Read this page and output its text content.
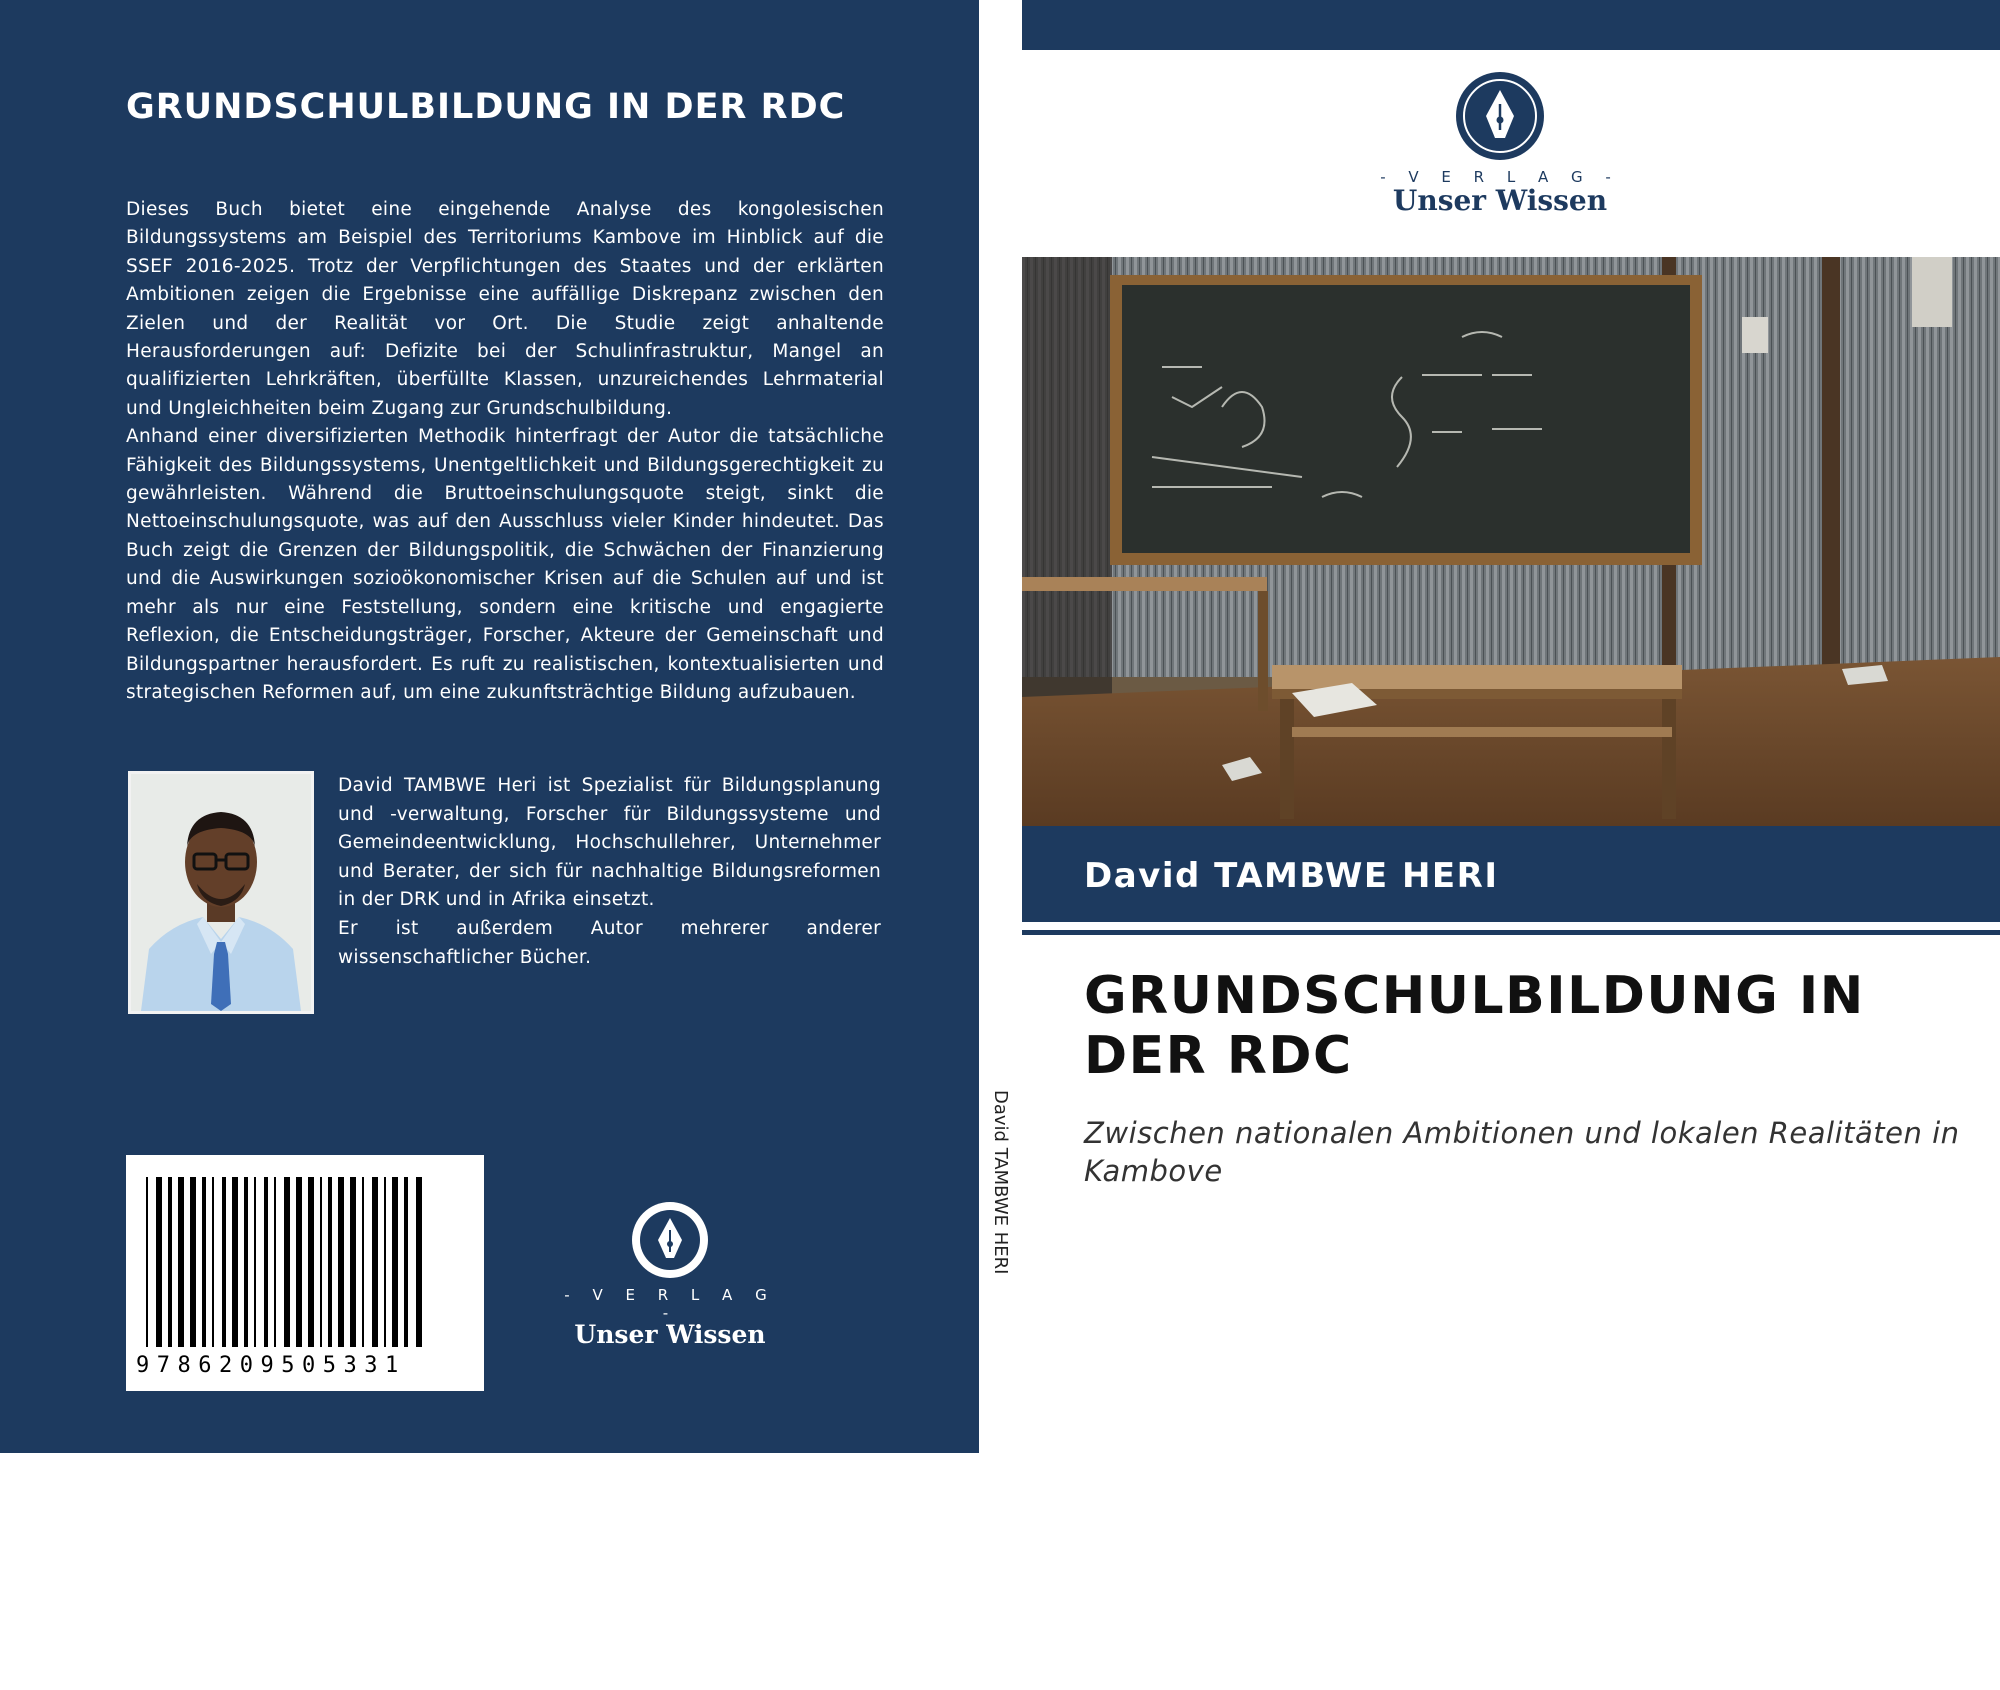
GRUNDSCHULBILDUNG IN DER RDC

Dieses Buch bietet eine eingehende Analyse des kongolesischen Bildungssystems am Beispiel des Territoriums Kambove im Hinblick auf die SSEF 2016-2025. Trotz der Verpflichtungen des Staates und der erklärten Ambitionen zeigen die Ergebnisse eine auffällige Diskrepanz zwischen den Zielen und der Realität vor Ort. Die Studie zeigt anhaltende Herausforderungen auf: Defizite bei der Schulinfrastruktur, Mangel an qualifizierten Lehrkräften, überfüllte Klassen, unzureichendes Lehrmaterial und Ungleichheiten beim Zugang zur Grundschulbildung.

Anhand einer diversifizierten Methodik hinterfragt der Autor die tatsächliche Fähigkeit des Bildungssystems, Unentgeltlichkeit und Bildungsgerechtigkeit zu gewährleisten. Während die Bruttoeinschulungsquote steigt, sinkt die Nettoeinschulungsquote, was auf den Ausschluss vieler Kinder hindeutet. Das Buch zeigt die Grenzen der Bildungspolitik, die Schwächen der Finanzierung und die Auswirkungen sozioökonomischer Krisen auf die Schulen auf und ist mehr als nur eine Feststellung, sondern eine kritische und engagierte Reflexion, die Entscheidungsträger, Forscher, Akteure der Gemeinschaft und Bildungspartner herausfordert. Es ruft zu realistischen, kontextualisierten und strategischen Reformen auf, um eine zukunftsträchtige Bildung aufzubauen.

David TAMBWE Heri ist Spezialist für Bildungsplanung und -verwaltung, Forscher für Bildungssysteme und Gemeindeentwicklung, Hochschullehrer, Unternehmer und Berater, der sich für nachhaltige Bildungsreformen in der DRK und in Afrika einsetzt.

Er ist außerdem Autor mehrerer anderer wissenschaftlicher Bücher.

9786209505331
- V E R L A G -
Unser Wissen
David TAMBWE HERI
- V E R L A G -
Unser Wissen
David TAMBWE HERI
GRUNDSCHULBILDUNG IN DER RDC
Zwischen nationalen Ambitionen und lokalen Realitäten in Kambove
